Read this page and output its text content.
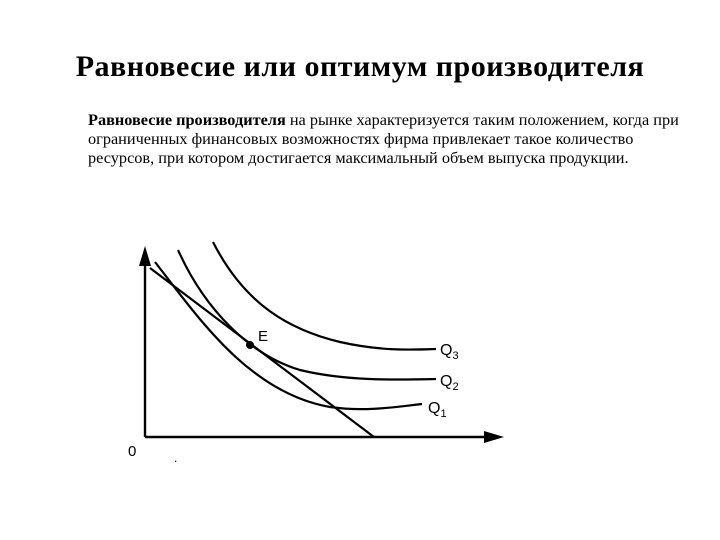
Равновесие или оптимум производителя
Равновесие производителя на рынке характеризуется таким положением, когда при ограниченных финансовых возможностях фирма привлекает такое количество ресурсов, при котором достигается максимальный объем выпуска продукции.
E
0	.
$Q_3$
$Q_2$
$Q_1$
